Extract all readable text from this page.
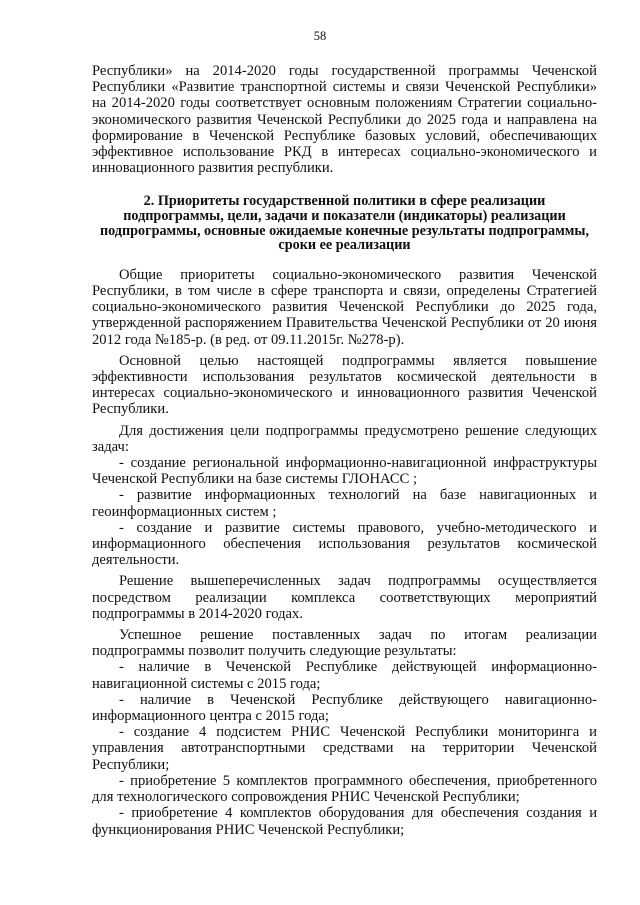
58

Республики» на 2014-2020 годы государственной программы Чеченской Республики «Развитие транспортной системы и связи Чеченской Республики» на 2014-2020 годы соответствует основным положениям Стратегии социально-экономического развития Чеченской Республики до 2025 года и направлена на формирование в Чеченской Республике базовых условий, обеспечивающих эффективное использование РКД в интересах социально-экономического и инновационного развития республики.

2. Приоритеты государственной политики в сфере реализации подпрограммы, цели, задачи и показатели (индикаторы) реализации подпрограммы, основные ожидаемые конечные результаты подпрограммы, сроки ее реализации

Общие приоритеты социально-экономического развития Чеченской Республики, в том числе в сфере транспорта и связи, определены Стратегией социально-экономического развития Чеченской Республики до 2025 года, утвержденной распоряжением Правительства Чеченской Республики от 20 июня 2012 года №185-р. (в ред. от 09.11.2015г. №278-р).

Основной целью настоящей подпрограммы является повышение эффективности использования результатов космической деятельности в интересах социально-экономического и инновационного развития Чеченской Республики.

Для достижения цели подпрограммы предусмотрено решение следующих задач:

- создание региональной информационно-навигационной инфраструктуры Чеченской Республики на базе системы ГЛОНАСС ;

- развитие информационных технологий на базе навигационных и геоинформационных систем ;

- создание и развитие системы правового, учебно-методического и информационного обеспечения использования результатов космической деятельности.

Решение вышеперечисленных задач подпрограммы осуществляется посредством реализации комплекса соответствующих мероприятий подпрограммы в 2014-2020 годах.

Успешное решение поставленных задач по итогам реализации подпрограммы позволит получить следующие результаты:

- наличие в Чеченской Республике действующей информационно-навигационной системы с 2015 года;

- наличие в Чеченской Республике действующего навигационно-информационного центра с 2015 года;

- создание 4 подсистем РНИС Чеченской Республики мониторинга и управления автотранспортными средствами на территории Чеченской Республики;

- приобретение 5 комплектов программного обеспечения, приобретенного для технологического сопровождения РНИС Чеченской Республики;

- приобретение 4 комплектов оборудования для обеспечения создания и функционирования РНИС Чеченской Республики;
